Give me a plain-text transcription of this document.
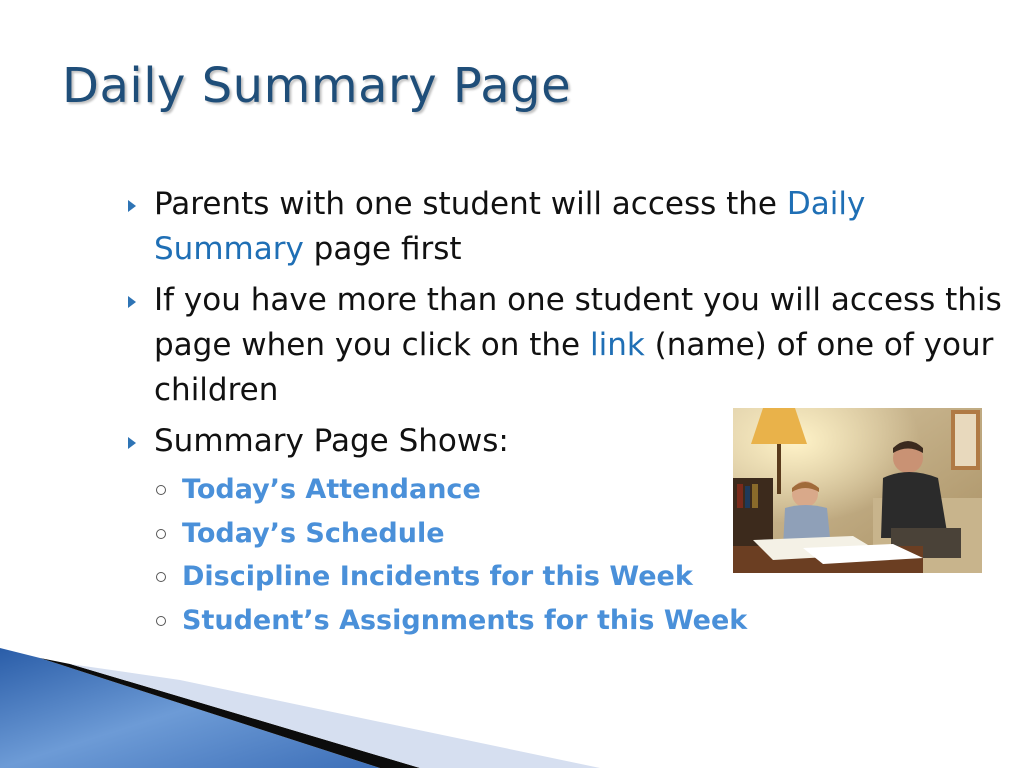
Daily Summary Page
Parents with one student will access the Daily Summary page first
If you have more than one student you will access this page when you click on the link (name) of one of your children
Summary Page Shows:
Today’s Attendance
Today’s Schedule
Discipline Incidents for this Week
Student’s Assignments for this Week
